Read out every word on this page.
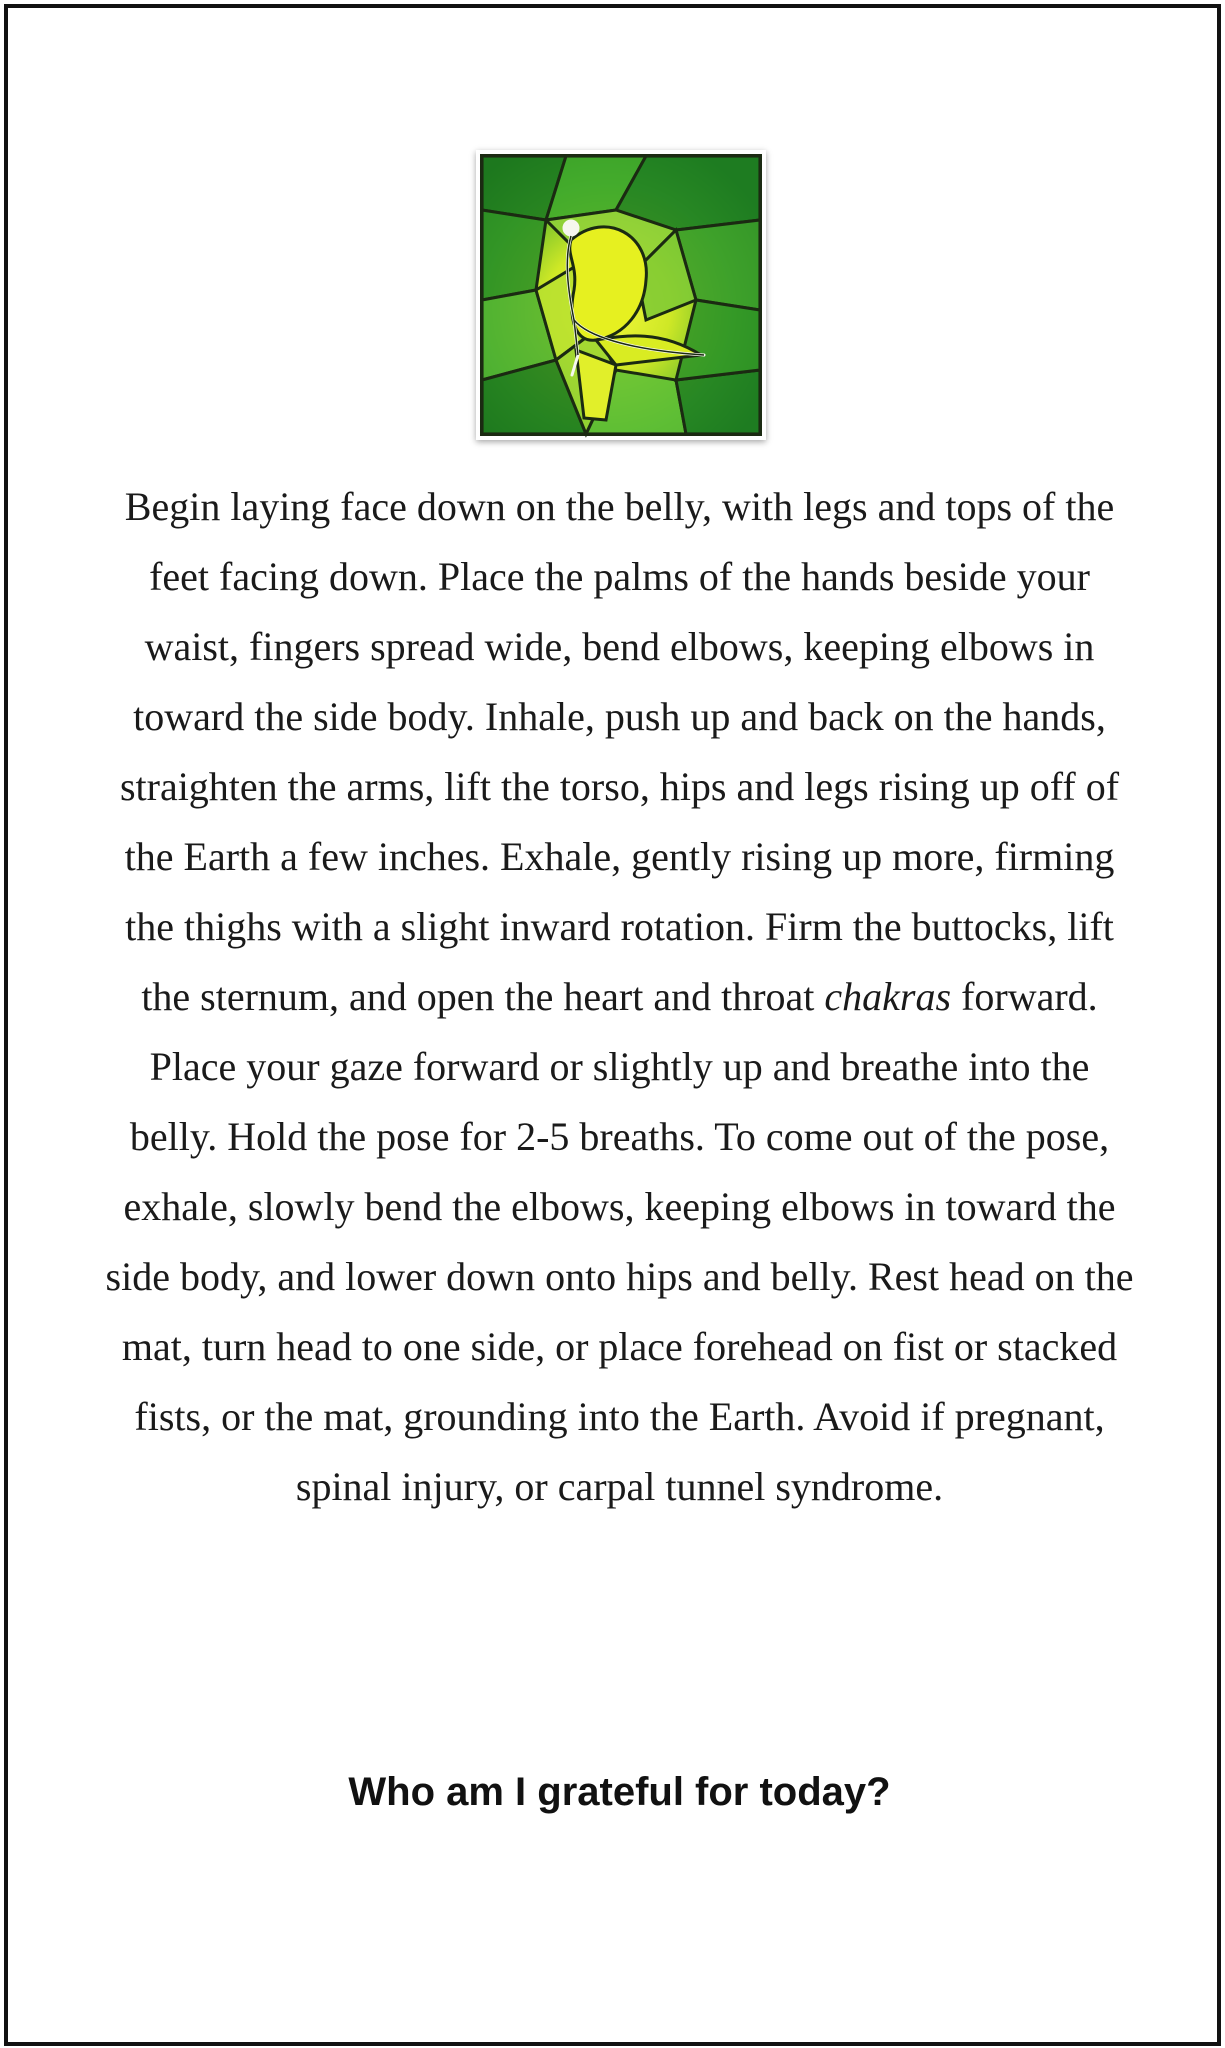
Begin laying face down on the belly, with legs and tops of the feet facing down. Place the palms of the hands beside your waist, fingers spread wide, bend elbows, keeping elbows in toward the side body. Inhale, push up and back on the hands, straighten the arms, lift the torso, hips and legs rising up off of the Earth a few inches. Exhale, gently rising up more, firming the thighs with a slight inward rotation. Firm the buttocks, lift the sternum, and open the heart and throat chakras forward. Place your gaze forward or slightly up and breathe into the belly. Hold the pose for 2-5 breaths. To come out of the pose, exhale, slowly bend the elbows, keeping elbows in toward the side body, and lower down onto hips and belly. Rest head on the mat, turn head to one side, or place forehead on fist or stacked fists, or the mat, grounding into the Earth. Avoid if pregnant, spinal injury, or carpal tunnel syndrome.

Who am I grateful for today?
